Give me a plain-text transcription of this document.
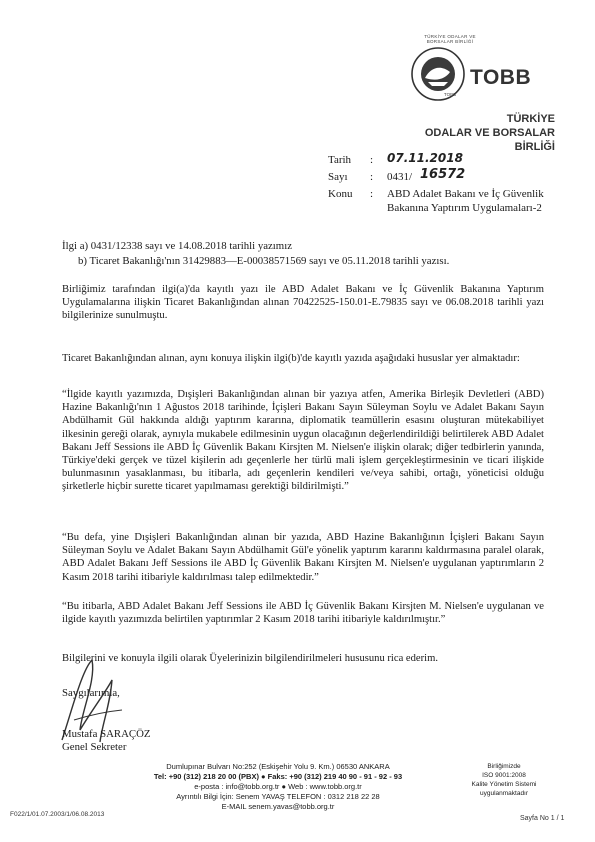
TÜRKİYE ODALAR VE BORSALAR BİRLİĞİ
TOBB
TOBB
TÜRKİYE
ODALAR VE BORSALAR
BİRLİĞİ
Tarih : 07.11.2018
Sayı : 0431/ 16572
Konu : ABD Adalet Bakanı ve İç Güvenlik
Bakanına Yaptırım Uygulamaları-2
İlgi a) 0431/12338 sayı ve 14.08.2018 tarihli yazımız
b) Ticaret Bakanlığı'nın 31429883—E-00038571569 sayı ve 05.11.2018 tarihli yazısı.
Birliğimiz tarafından ilgi(a)'da kayıtlı yazı ile ABD Adalet Bakanı ve İç Güvenlik Bakanına Yaptırım Uygulamalarına ilişkin Ticaret Bakanlığından alınan 70422525-150.01-E.79835 sayı ve 06.08.2018 tarihli yazı bilgilerinize sunulmuştu.
Ticaret Bakanlığından alınan, aynı konuya ilişkin ilgi(b)'de kayıtlı yazıda aşağıdaki hususlar yer almaktadır:
“İlgide kayıtlı yazımızda, Dışişleri Bakanlığından alınan bir yazıya atfen, Amerika Birleşik Devletleri (ABD) Hazine Bakanlığı'nın 1 Ağustos 2018 tarihinde, İçişleri Bakanı Sayın Süleyman Soylu ve Adalet Bakanı Sayın Abdülhamit Gül hakkında aldığı yaptırım kararına, diplomatik teamüllerin esasını oluşturan mütekabiliyet ilkesinin gereği olarak, aynıyla mukabele edilmesinin uygun olacağının değerlendirildiği belirtilerek ABD Adalet Bakanı Jeff Sessions ile ABD İç Güvenlik Bakanı Kirsjten M. Nielsen'e ilişkin olarak; diğer tedbirlerin yanında, Türkiye'deki gerçek ve tüzel kişilerin adı geçenlerle her türlü mali işlem gerçekleştirmesinin ve ticari ilişkide bulunmasının yasaklanması, bu itibarla, adı geçenlerin kendileri ve/veya sahibi, ortağı, yöneticisi olduğu şirketlerle hiçbir surette ticaret yapılmaması gerektiği bildirilmişti.”
“Bu defa, yine Dışişleri Bakanlığından alınan bir yazıda, ABD Hazine Bakanlığının İçişleri Bakanı Sayın Süleyman Soylu ve Adalet Bakanı Sayın Abdülhamit Gül'e yönelik yaptırım kararını kaldırmasına paralel olarak, ABD Adalet Bakanı Jeff Sessions ile ABD İç Güvenlik Bakanı Kirsjten M. Nielsen'e uygulanan yaptırımların 2 Kasım 2018 tarihi itibariyle kaldırılması talep edilmektedir.”
“Bu itibarla, ABD Adalet Bakanı Jeff Sessions ile ABD İç Güvenlik Bakanı Kirsjten M. Nielsen'e uygulanan ve ilgide kayıtlı yazımızda belirtilen yaptırımlar 2 Kasım 2018 tarihi itibariyle kaldırılmıştır.”
Bilgilerini ve konuyla ilgili olarak Üyelerinizin bilgilendirilmeleri hususunu rica ederim.
Saygılarımla,
Mustafa SARAÇÖZ
Genel Sekreter
Dumlupınar Bulvarı No:252 (Eskişehir Yolu 9. Km.) 06530 ANKARA
Tel: +90 (312) 218 20 00 (PBX) ● Faks: +90 (312) 219 40 90 - 91 - 92 - 93
e-posta : info@tobb.org.tr ● Web : www.tobb.org.tr
Ayrıntılı Bilgi İçin: Senem YAVAŞ TELEFON : 0312 218 22 28
E-MAIL senem.yavas@tobb.org.tr
Birliğimizde
ISO 9001:2008
Kalite Yönetim Sistemi
uygulanmaktadır
F022/1/01.07.2003/1/06.08.2013
Sayfa No 1 / 1
